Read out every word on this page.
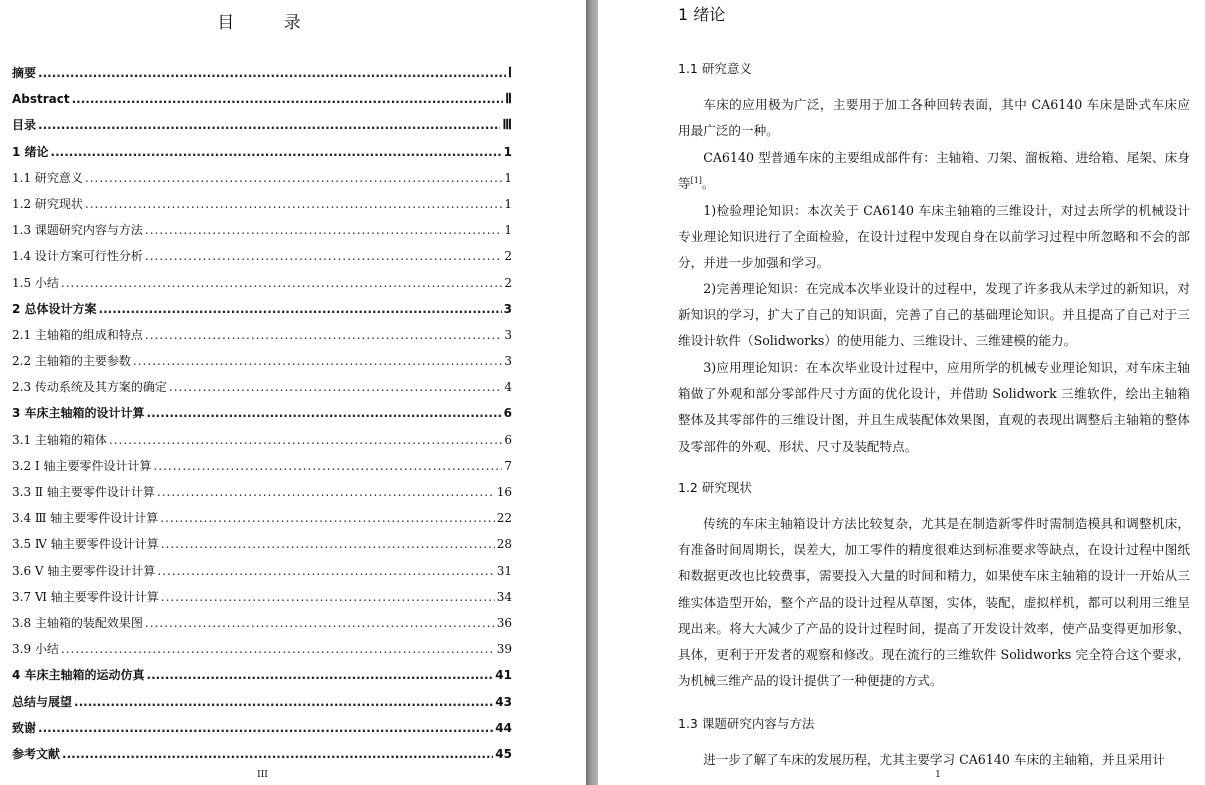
目 录
摘要 .....	Ⅰ
Abstract .....	Ⅱ
目录 .....	Ⅲ
1 绪论 .....	1
1.1 研究意义 .....	1
1.2 研究现状 .....	1
1.3 课题研究内容与方法 .....	1
1.4 设计方案可行性分析 .....	2
1.5 小结 .....	2
2 总体设计方案 .....	3
2.1 主轴箱的组成和特点 .....	3
2.2 主轴箱的主要参数 .....	3
2.3 传动系统及其方案的确定 .....	4
3 车床主轴箱的设计计算 .....	6
3.1 主轴箱的箱体 .....	6
3.2 Ⅰ 轴主要零件设计计算 .....	7
3.3 Ⅱ 轴主要零件设计计算 .....	16
3.4 Ⅲ 轴主要零件设计计算 .....	22
3.5 Ⅳ 轴主要零件设计计算 .....	28
3.6 Ⅴ 轴主要零件设计计算 .....	31
3.7 Ⅵ 轴主要零件设计计算 .....	34
3.8 主轴箱的装配效果图 .....	36
3.9 小结 .....	39
4 车床主轴箱的运动仿真 .....	41
总结与展望 .....	43
致谢 .....	44
参考文献 .....	45
III
1 绪论
1.1 研究意义
车床的应用极为广泛，主要用于加工各种回转表面，其中 CA6140 车床是卧式车床应用最广泛的一种。
CA6140 型普通车床的主要组成部件有：主轴箱、刀架、溜板箱、进给箱、尾架、床身等[1]。
1)检验理论知识：本次关于 CA6140 车床主轴箱的三维设计，对过去所学的机械设计专业理论知识进行了全面检验，在设计过程中发现自身在以前学习过程中所忽略和不会的部分，并进一步加强和学习。
2)完善理论知识：在完成本次毕业设计的过程中，发现了许多我从未学过的新知识，对新知识的学习，扩大了自己的知识面，完善了自己的基础理论知识。并且提高了自己对于三维设计软件（Solidworks）的使用能力、三维设计、三维建模的能力。
3)应用理论知识：在本次毕业设计过程中，应用所学的机械专业理论知识，对车床主轴箱做了外观和部分零部件尺寸方面的优化设计，并借助 Solidwork 三维软件，绘出主轴箱整体及其零部件的三维设计图，并且生成装配体效果图，直观的表现出调整后主轴箱的整体及零部件的外观、形状、尺寸及装配特点。
1.2 研究现状
传统的车床主轴箱设计方法比较复杂，尤其是在制造新零件时需制造模具和调整机床，有准备时间周期长，误差大，加工零件的精度很难达到标准要求等缺点，在设计过程中图纸和数据更改也比较费事，需要投入大量的时间和精力，如果使车床主轴箱的设计一开始从三维实体造型开始，整个产品的设计过程从草图，实体，装配，虚拟样机，都可以利用三维呈现出来。将大大减少了产品的设计过程时间，提高了开发设计效率，使产品变得更加形象、具体，更利于开发者的观察和修改。现在流行的三维软件 Solidworks 完全符合这个要求，为机械三维产品的设计提供了一种便捷的方式。
1.3 课题研究内容与方法
进一步了解了车床的发展历程，尤其主要学习 CA6140 车床的主轴箱，并且采用计
1
